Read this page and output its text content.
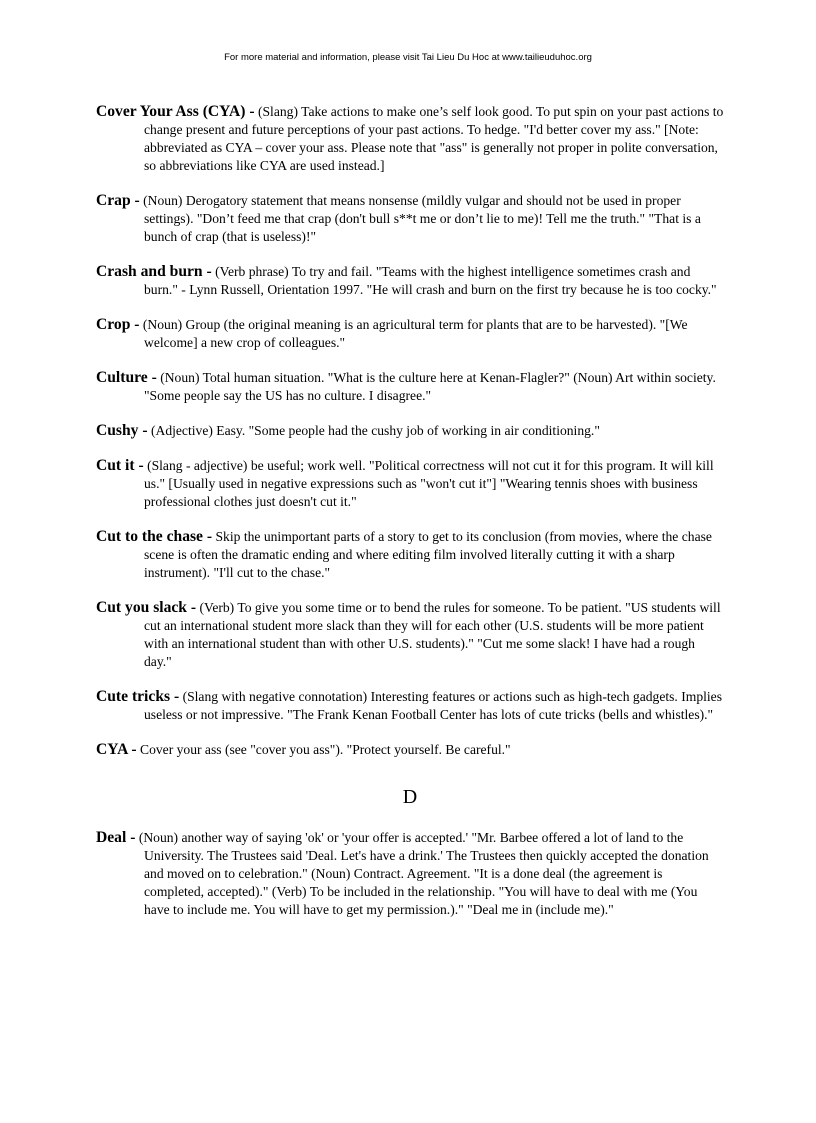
For more material and information, please visit Tai Lieu Du Hoc at www.tailieuduhoc.org

Cover Your Ass (CYA) - (Slang) Take actions to make one’s self look good. To put spin on your past actions to change present and future perceptions of your past actions. To hedge. "I'd better cover my ass." [Note: abbreviated as CYA – cover your ass. Please note that "ass" is generally not proper in polite conversation, so abbreviations like CYA are used instead.]

Crap - (Noun) Derogatory statement that means nonsense (mildly vulgar and should not be used in proper settings). "Don’t feed me that crap (don't bull s**t me or don’t lie to me)! Tell me the truth." "That is a bunch of crap (that is useless)!"

Crash and burn - (Verb phrase) To try and fail. "Teams with the highest intelligence sometimes crash and burn." - Lynn Russell, Orientation 1997. "He will crash and burn on the first try because he is too cocky."

Crop - (Noun) Group (the original meaning is an agricultural term for plants that are to be harvested). "[We welcome] a new crop of colleagues."

Culture - (Noun) Total human situation. "What is the culture here at Kenan-Flagler?" (Noun) Art within society. "Some people say the US has no culture. I disagree."

Cushy - (Adjective) Easy. "Some people had the cushy job of working in air conditioning."

Cut it - (Slang - adjective) be useful; work well. "Political correctness will not cut it for this program. It will kill us." [Usually used in negative expressions such as "won't cut it"] "Wearing tennis shoes with business professional clothes just doesn't cut it."

Cut to the chase - Skip the unimportant parts of a story to get to its conclusion (from movies, where the chase scene is often the dramatic ending and where editing film involved literally cutting it with a sharp instrument). "I'll cut to the chase."

Cut you slack - (Verb) To give you some time or to bend the rules for someone. To be patient. "US students will cut an international student more slack than they will for each other (U.S. students will be more patient with an international student than with other U.S. students)." "Cut me some slack! I have had a rough day."

Cute tricks - (Slang with negative connotation) Interesting features or actions such as high-tech gadgets. Implies useless or not impressive. "The Frank Kenan Football Center has lots of cute tricks (bells and whistles)."

CYA - Cover your ass (see "cover you ass"). "Protect yourself. Be careful."

D

Deal - (Noun) another way of saying 'ok' or 'your offer is accepted.' "Mr. Barbee offered a lot of land to the University. The Trustees said 'Deal. Let's have a drink.' The Trustees then quickly accepted the donation and moved on to celebration." (Noun) Contract. Agreement. "It is a done deal (the agreement is completed, accepted)." (Verb) To be included in the relationship. "You will have to deal with me (You have to include me. You will have to get my permission.)." "Deal me in (include me)."
